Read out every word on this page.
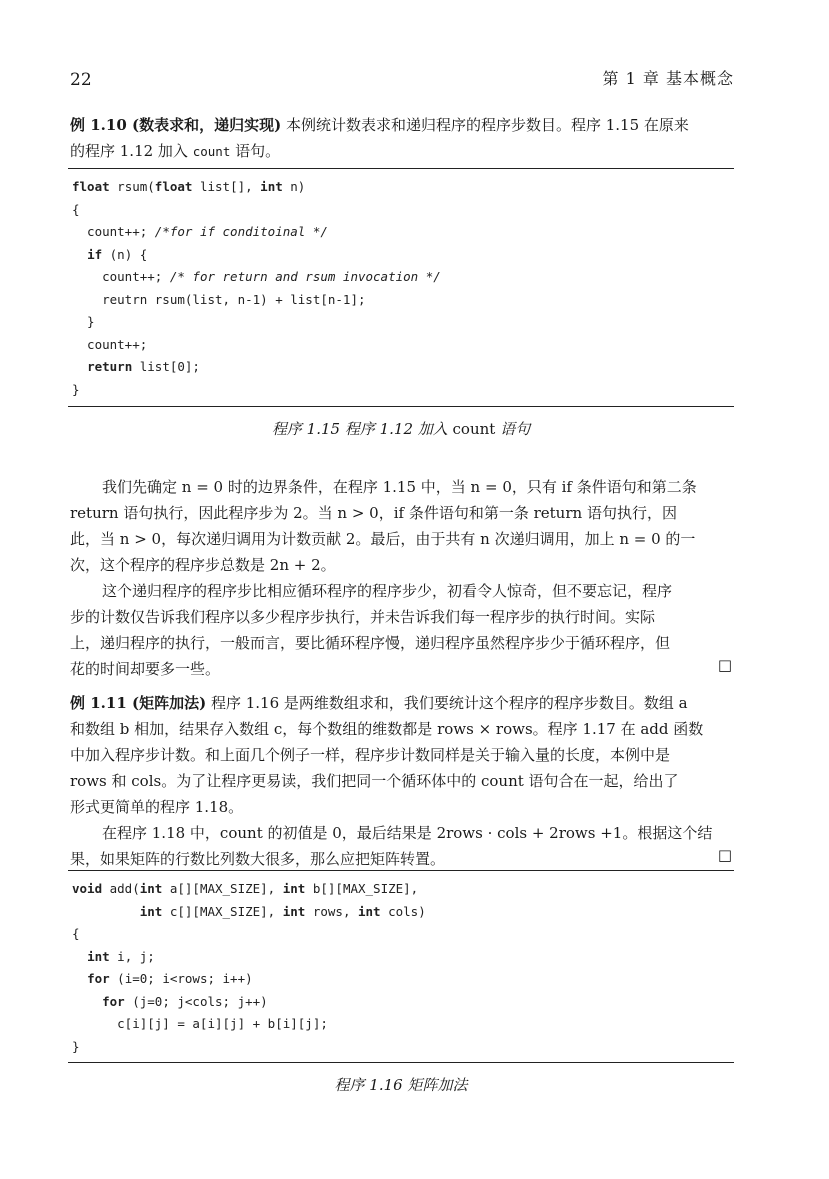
22	第 1 章 基本概念
例 1.10 (数表求和，递归实现) 本例统计数表求和递归程序的程序步数目。程序 1.15 在原来
的程序 1.12 加入 count 语句。
float rsum(float list[], int n)
{
count++; /*for if conditoinal */
if (n) {
count++; /* for return and rsum invocation */
reutrn rsum(list, n-1) + list[n-1];
}
count++;
return list[0];
}
程序 1.15 程序 1.12 加入 count 语句
我们先确定 n = 0 时的边界条件，在程序 1.15 中，当 n = 0，只有 if 条件语句和第二条
return 语句执行，因此程序步为 2。当 n > 0，if 条件语句和第一条 return 语句执行，因
此，当 n > 0，每次递归调用为计数贡献 2。最后，由于共有 n 次递归调用，加上 n = 0 的一
次，这个程序的程序步总数是 2n + 2。
这个递归程序的程序步比相应循环程序的程序步少，初看令人惊奇，但不要忘记，程序
步的计数仅告诉我们程序以多少程序步执行，并未告诉我们每一程序步的执行时间。实际
上，递归程序的执行，一般而言，要比循环程序慢，递归程序虽然程序步少于循环程序，但
花的时间却要多一些。	□
例 1.11 (矩阵加法) 程序 1.16 是两维数组求和，我们要统计这个程序的程序步数目。数组 a
和数组 b 相加，结果存入数组 c，每个数组的维数都是 rows × rows。程序 1.17 在 add 函数
中加入程序步计数。和上面几个例子一样，程序步计数同样是关于输入量的长度，本例中是
rows 和 cols。为了让程序更易读，我们把同一个循环体中的 count 语句合在一起，给出了
形式更简单的程序 1.18。
在程序 1.18 中，count 的初值是 0，最后结果是 2rows · cols + 2rows +1。根据这个结
果，如果矩阵的行数比列数大很多，那么应把矩阵转置。	□
void add(int a[][MAX_SIZE], int b[][MAX_SIZE],
int c[][MAX_SIZE], int rows, int cols)
{
int i, j;
for (i=0; i<rows; i++)
for (j=0; j<cols; j++)
c[i][j] = a[i][j] + b[i][j];
}
程序 1.16 矩阵加法
